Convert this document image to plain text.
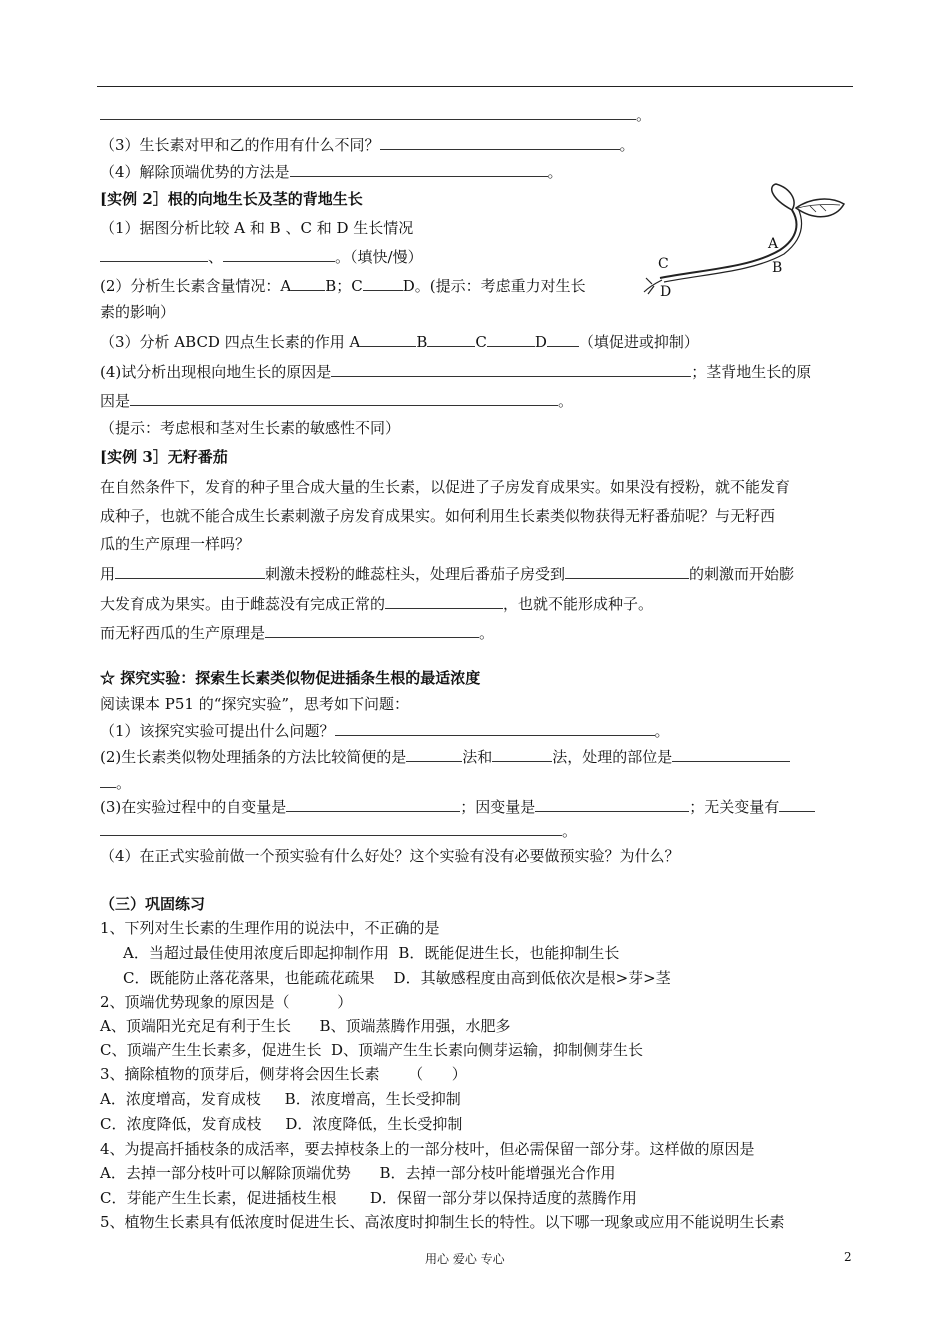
。
（3）生长素对甲和乙的作用有什么不同？	。
（4）解除顶端优势的方法是	。
[实例 2］根的向地生长及茎的背地生长
（1）据图分析比较 A 和 B 、C 和 D 生长情况
、	。（填快/慢）
(2）分析生长素含量情况：A B；C	D。(提示：考虑重力对生长
素的影响）
（3）分析 ABCD 四点生长素的作用 A	B	C	D （填促进或抑制）
(4)试分析出现根向地生长的原因是	；茎背地生长的原
因是	。
（提示：考虑根和茎对生长素的敏感性不同）
[实例 3］无籽番茄
在自然条件下，发育的种子里合成大量的生长素，以促进了子房发育成果实。如果没有授粉，就不能发育
成种子，也就不能合成生长素刺激子房发育成果实。如何利用生长素类似物获得无籽番茄呢？与无籽西
瓜的生产原理一样吗？
用	刺激未授粉的雌蕊柱头，处理后番茄子房受到	的刺激而开始膨
大发育成为果实。由于雌蕊没有完成正常的	，也就不能形成种子。
而无籽西瓜的生产原理是	。
☆ 探究实验：探索生长素类似物促进插条生根的最适浓度
阅读课本 P51 的“探究实验”，思考如下问题：
（1）该探究实验可提出什么问题？	。
(2)生长素类似物处理插条的方法比较简便的是	法和	法，处理的部位是
。
(3)在实验过程中的自变量是	；因变量是	；无关变量有
。
（4）在正式实验前做一个预实验有什么好处？这个实验有没有必要做预实验？为什么？
（三）巩固练习
1、下列对生长素的生理作用的说法中，不正确的是
A．当超过最佳使用浓度后即起抑制作用  B．既能促进生长，也能抑制生长
C．既能防止落花落果，也能疏花疏果    D．其敏感程度由高到低依次是根>芽>茎
2、顶端优势现象的原因是（          ）
A、顶端阳光充足有利于生长      B、顶端蒸腾作用强，水肥多
C、顶端产生生长素多，促进生长  D、顶端产生生长素向侧芽运输，抑制侧芽生长
3、摘除植物的顶芽后，侧芽将会因生长素      （      ）
A．浓度增高，发育成枝     B．浓度增高，生长受抑制
C．浓度降低，发育成枝     D．浓度降低，生长受抑制
4、为提高扦插枝条的成活率，要去掉枝条上的一部分枝叶，但必需保留一部分芽。这样做的原因是
A．去掉一部分枝叶可以解除顶端优势      B．去掉一部分枝叶能增强光合作用
C．芽能产生生长素，促进插枝生根       D．保留一部分芽以保持适度的蒸腾作用
5、植物生长素具有低浓度时促进生长、高浓度时抑制生长的特性。以下哪一现象或应用不能说明生长素
A
B
C
D
用心 爱心 专心	2
